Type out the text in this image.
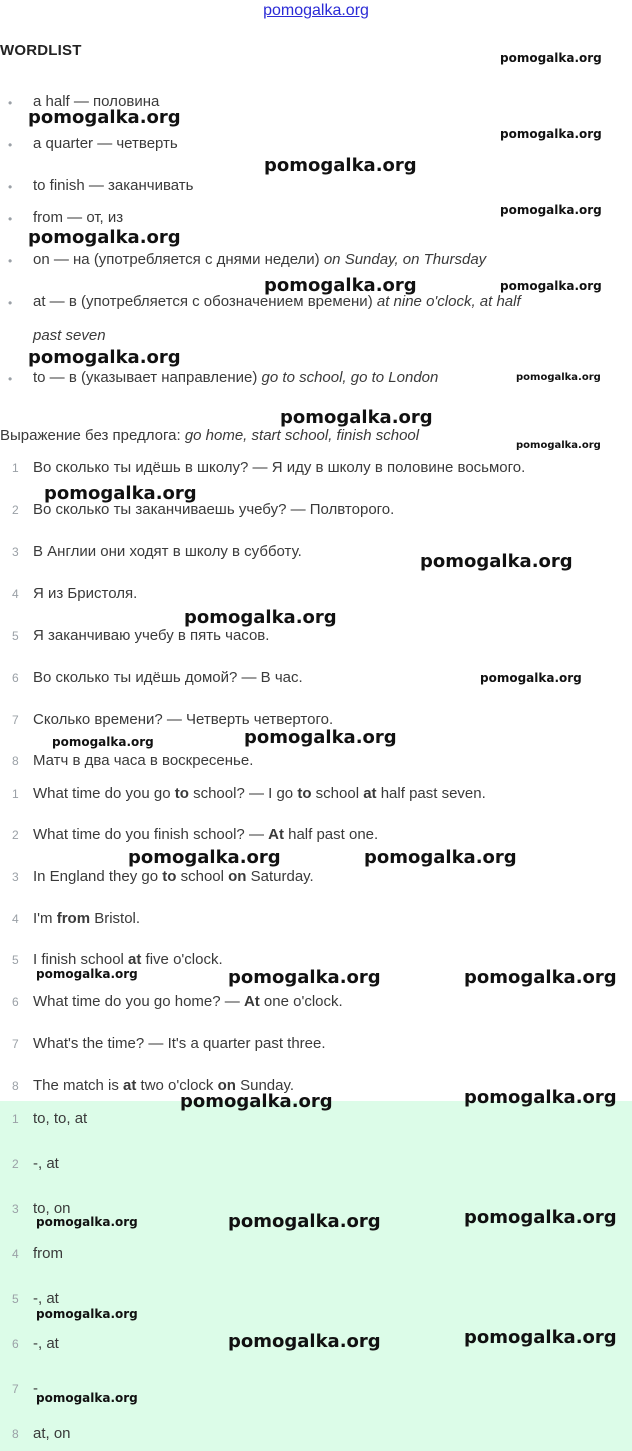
pomogalka.org
WORDLIST
• a half — половина
• a quarter — четверть
• to finish — заканчивать
• from — от, из
• on — на (употребляется с днями недели) on Sunday, on Thursday
• at — в (употребляется с обозначением времени) at nine o'clock, at half
past seven
• to — в (указывает направление) go to school, go to London
Выражение без предлога: go home, start school, finish school
1 Во сколько ты идёшь в школу? — Я иду в школу в половине восьмого.
2 Во сколько ты заканчиваешь учебу? — Полвторого.
3 В Англии они ходят в школу в субботу.
4 Я из Бристоля.
5 Я заканчиваю учебу в пять часов.
6 Во сколько ты идёшь домой? — В час.
7 Сколько времени? — Четверть четвертого.
8 Матч в два часа в воскресенье.
1 What time do you go to school? — I go to school at half past seven.
2 What time do you finish school? — At half past one.
3 In England they go to school on Saturday.
4 I'm from Bristol.
5 I finish school at five o'clock.
6 What time do you go home? — At one o'clock.
7 What's the time? — It's a quarter past three.
8 The match is at two o'clock on Sunday.
1 to, to, at
2 -, at
3 to, on
4 from
5 -, at
6 -, at
7 -
8 at, on
pomogalka.org
pomogalka.org
pomogalka.org
pomogalka.org
pomogalka.org
pomogalka.org
pomogalka.org	pomogalka.org
pomogalka.org
pomogalka.org
pomogalka.org
pomogalka.org
pomogalka.org
pomogalka.org
pomogalka.org
pomogalka.org
pomogalka.org
pomogalka.org
pomogalka.org	pomogalka.org
pomogalka.org	pomogalka.org	pomogalka.org
pomogalka.org	pomogalka.org
pomogalka.org	pomogalka.org	pomogalka.org
pomogalka.org
pomogalka.org	pomogalka.org
pomogalka.org
